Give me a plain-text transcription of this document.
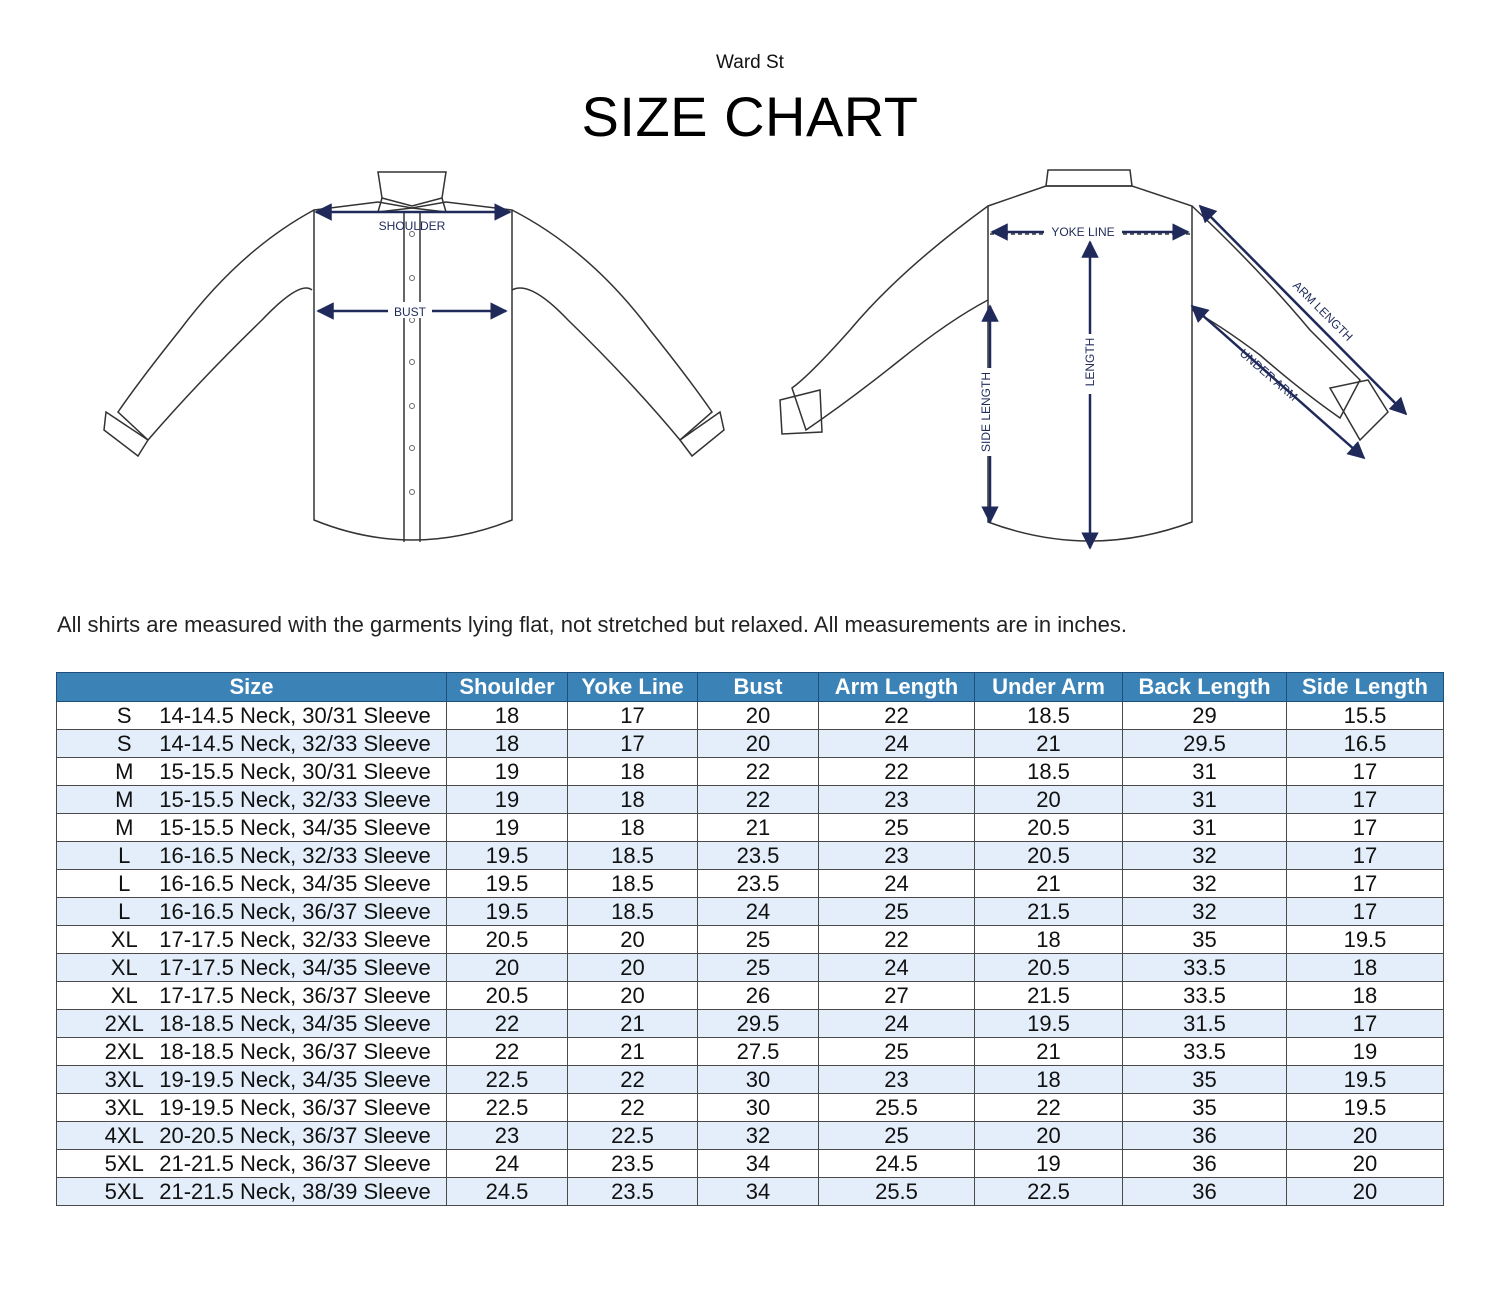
Ward St
SIZE CHART
SHOULDER
BUST
YOKE LINE
LENGTH
SIDE LENGTH
ARM LENGTH
UNDER ARM
All shirts are measured with the garments lying flat, not stretched but relaxed. All measurements are in inches.
Size	Shoulder	Yoke Line	Bust	Arm Length	Under Arm	Back Length	Side Length
S 14-14.5 Neck, 30/31 Sleeve	18	17	20	22	18.5	29	15.5
S 14-14.5 Neck, 32/33 Sleeve	18	17	20	24	21	29.5	16.5
M 15-15.5 Neck, 30/31 Sleeve	19	18	22	22	18.5	31	17
M 15-15.5 Neck, 32/33 Sleeve	19	18	22	23	20	31	17
M 15-15.5 Neck, 34/35 Sleeve	19	18	21	25	20.5	31	17
L 16-16.5 Neck, 32/33 Sleeve	19.5	18.5	23.5	23	20.5	32	17
L 16-16.5 Neck, 34/35 Sleeve	19.5	18.5	23.5	24	21	32	17
L 16-16.5 Neck, 36/37 Sleeve	19.5	18.5	24	25	21.5	32	17
XL 17-17.5 Neck, 32/33 Sleeve	20.5	20	25	22	18	35	19.5
XL 17-17.5 Neck, 34/35 Sleeve	20	20	25	24	20.5	33.5	18
XL 17-17.5 Neck, 36/37 Sleeve	20.5	20	26	27	21.5	33.5	18
2XL 18-18.5 Neck, 34/35 Sleeve	22	21	29.5	24	19.5	31.5	17
2XL 18-18.5 Neck, 36/37 Sleeve	22	21	27.5	25	21	33.5	19
3XL 19-19.5 Neck, 34/35 Sleeve	22.5	22	30	23	18	35	19.5
3XL 19-19.5 Neck, 36/37 Sleeve	22.5	22	30	25.5	22	35	19.5
4XL 20-20.5 Neck, 36/37 Sleeve	23	22.5	32	25	20	36	20
5XL 21-21.5 Neck, 36/37 Sleeve	24	23.5	34	24.5	19	36	20
5XL 21-21.5 Neck, 38/39 Sleeve	24.5	23.5	34	25.5	22.5	36	20
